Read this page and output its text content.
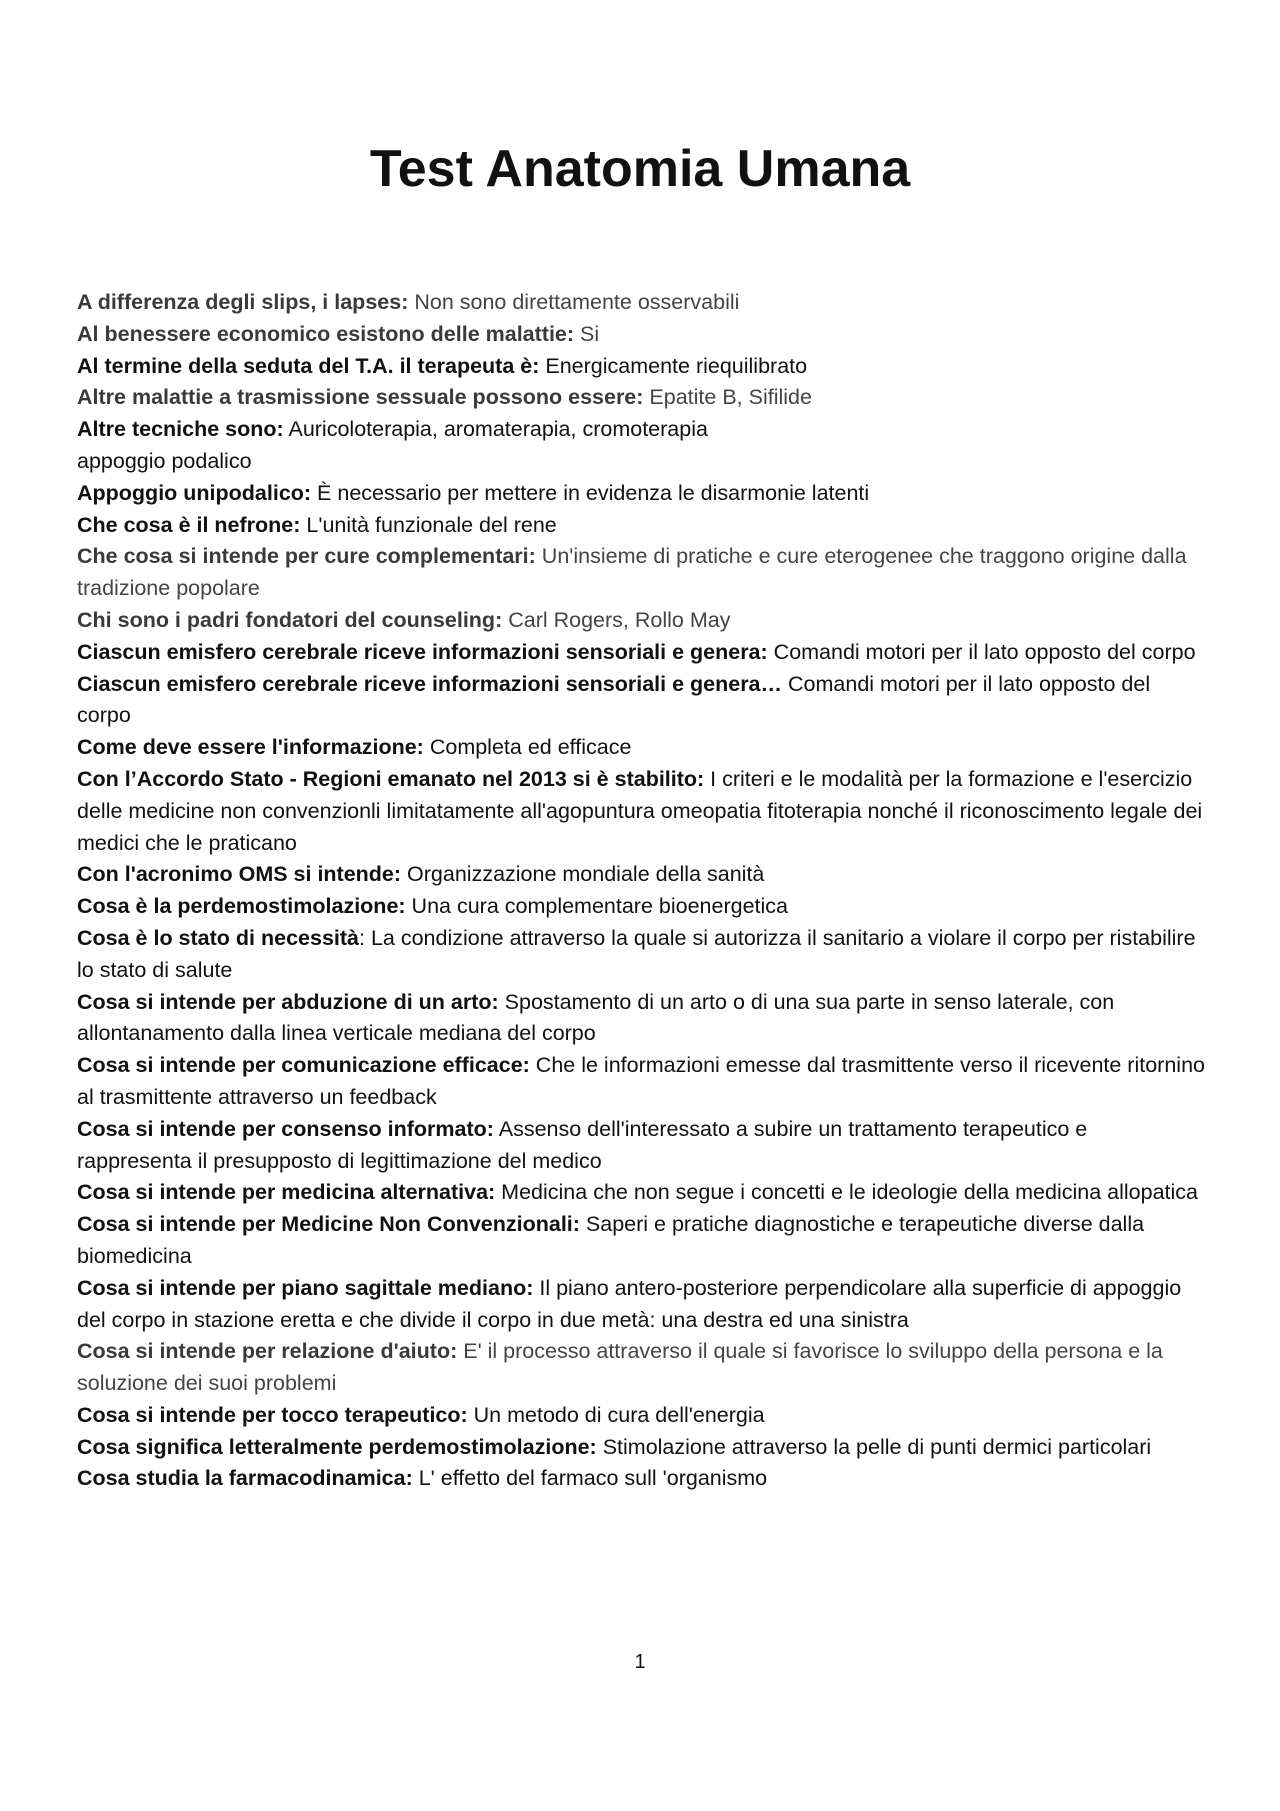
Test Anatomia Umana
A differenza degli slips, i lapses: Non sono direttamente osservabili
Al benessere economico esistono delle malattie: Si
Al termine della seduta del T.A. il terapeuta è: Energicamente riequilibrato
Altre malattie a trasmissione sessuale possono essere: Epatite B, Sifilide
Altre tecniche sono: Auricoloterapia, aromaterapia, cromoterapia
appoggio podalico
Appoggio unipodalico: È necessario per mettere in evidenza le disarmonie latenti
Che cosa è il nefrone: L'unità funzionale del rene
Che cosa si intende per cure complementari: Un'insieme di pratiche e cure eterogenee che traggono origine dalla tradizione popolare
Chi sono i padri fondatori del counseling: Carl Rogers, Rollo May
Ciascun emisfero cerebrale riceve informazioni sensoriali e genera: Comandi motori per il lato opposto del corpo
Ciascun emisfero cerebrale riceve informazioni sensoriali e genera… Comandi motori per il lato opposto del corpo
Come deve essere l'informazione: Completa ed efficace
Con l’Accordo Stato - Regioni emanato nel 2013 si è stabilito: I criteri e le modalità per la formazione e l'esercizio delle medicine non convenzionli limitatamente all'agopuntura omeopatia fitoterapia nonché il riconoscimento legale dei medici che le praticano
Con l'acronimo OMS si intende: Organizzazione mondiale della sanità
Cosa è la perdemostimolazione: Una cura complementare bioenergetica
Cosa è lo stato di necessità: La condizione attraverso la quale si autorizza il sanitario a violare il corpo per ristabilire lo stato di salute
Cosa si intende per abduzione di un arto: Spostamento di un arto o di una sua parte in senso laterale, con allontanamento dalla linea verticale mediana del corpo
Cosa si intende per comunicazione efficace: Che le informazioni emesse dal trasmittente verso il ricevente ritornino al trasmittente attraverso un feedback
Cosa si intende per consenso informato: Assenso dell'interessato a subire un trattamento terapeutico e rappresenta il presupposto di legittimazione del medico
Cosa si intende per medicina alternativa: Medicina che non segue i concetti e le ideologie della medicina allopatica
Cosa si intende per Medicine Non Convenzionali: Saperi e pratiche diagnostiche e terapeutiche diverse dalla biomedicina
Cosa si intende per piano sagittale mediano: Il piano antero-posteriore perpendicolare alla superficie di appoggio del corpo in stazione eretta e che divide il corpo in due metà: una destra ed una sinistra
Cosa si intende per relazione d'aiuto: E' il processo attraverso il quale si favorisce lo sviluppo della persona e la soluzione dei suoi problemi
Cosa si intende per tocco terapeutico: Un metodo di cura dell'energia
Cosa significa letteralmente perdemostimolazione: Stimolazione attraverso la pelle di punti dermici particolari
Cosa studia la farmacodinamica: L' effetto del farmaco sull 'organismo
1
